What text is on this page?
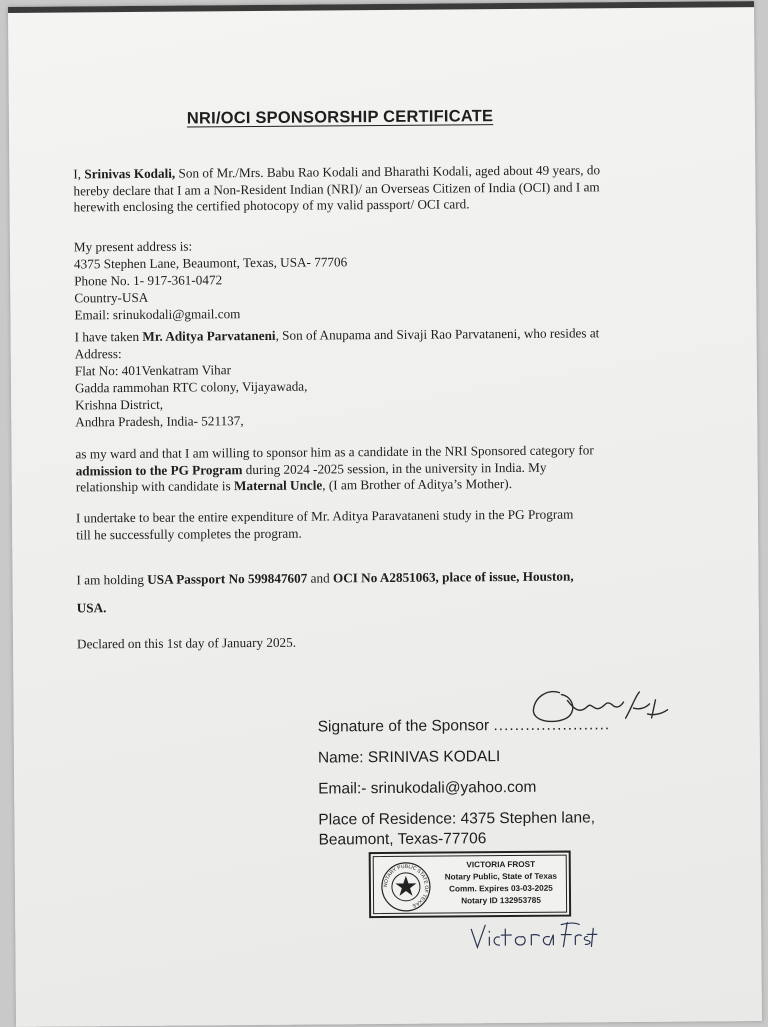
NRI/OCI SPONSORSHIP CERTIFICATE
I, Srinivas Kodali, Son of Mr./Mrs. Babu Rao Kodali and Bharathi Kodali, aged about 49 years, do
hereby declare that I am a Non-Resident Indian (NRI)/ an Overseas Citizen of India (OCI) and I am
herewith enclosing the certified photocopy of my valid passport/ OCI card.
My present address is:
4375 Stephen Lane, Beaumont, Texas, USA- 77706
Phone No. 1- 917-361-0472
Country-USA
Email: srinukodali@gmail.com
I have taken Mr. Aditya Parvataneni, Son of Anupama and Sivaji Rao Parvataneni, who resides at
Address:
Flat No: 401Venkatram Vihar
Gadda rammohan RTC colony, Vijayawada,
Krishna District,
Andhra Pradesh, India- 521137,
as my ward and that I am willing to sponsor him as a candidate in the NRI Sponsored category for
admission to the PG Program during 2024 -2025 session, in the university in India. My
relationship with candidate is Maternal Uncle, (I am Brother of Aditya’s Mother).
I undertake to bear the entire expenditure of Mr. Aditya Paravataneni study in the PG Program
till he successfully completes the program.
I am holding USA Passport No 599847607 and OCI No A2851063, place of issue, Houston,
USA.
Declared on this 1st day of January 2025.
Signature of the Sponsor ......................
Name: SRINIVAS KODALI
Email:- srinukodali@yahoo.com
Place of Residence: 4375 Stephen lane,
Beaumont, Texas-77706
NOTARY PUBLIC STATE OF TEXAS
VICTORIA FROST
Notary Public, State of Texas
Comm. Expires 03-03-2025
Notary ID 132953785
